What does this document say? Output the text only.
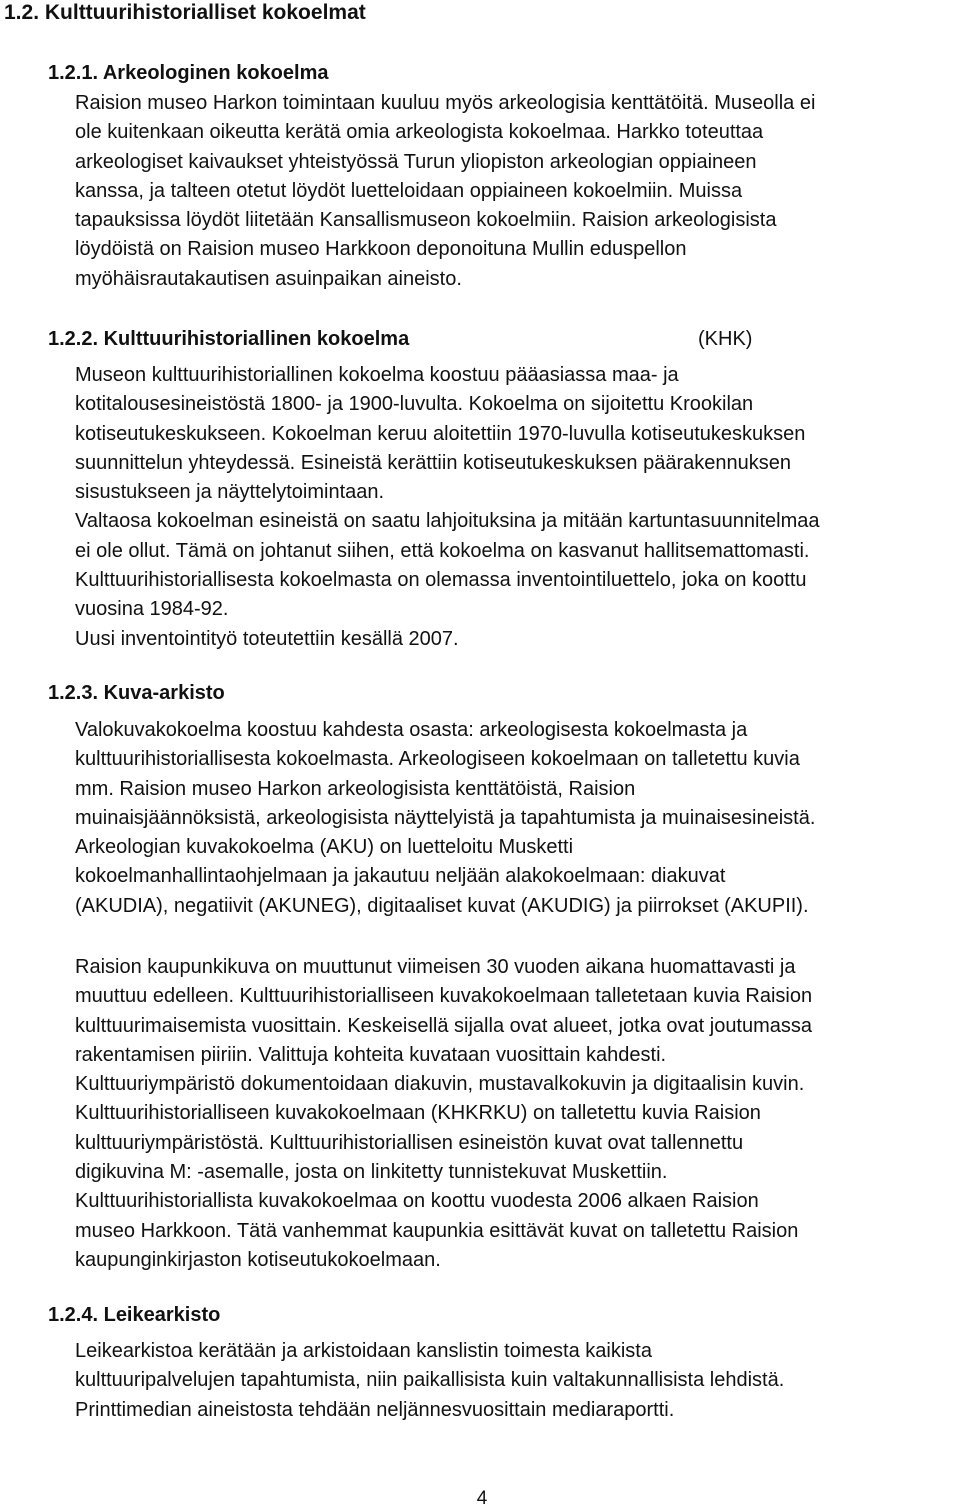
1.2. Kulttuurihistorialliset kokoelmat
1.2.1. Arkeologinen kokoelma

Raision museo Harkon toimintaan kuuluu myös arkeologisia kenttätöitä. Museolla ei
ole kuitenkaan oikeutta kerätä omia arkeologista kokoelmaa. Harkko toteuttaa
arkeologiset kaivaukset yhteistyössä Turun yliopiston arkeologian oppiaineen
kanssa, ja talteen otetut löydöt luetteloidaan oppiaineen kokoelmiin. Muissa
tapauksissa löydöt liitetään Kansallismuseon kokoelmiin. Raision arkeologisista
löydöistä on Raision museo Harkkoon deponoituna Mullin eduspellon
myöhäisrautakautisen asuinpaikan aineisto.

1.2.2. Kulttuurihistoriallinen kokoelma	(KHK)

Museon kulttuurihistoriallinen kokoelma koostuu pääasiassa maa- ja
kotitalousesineistöstä 1800- ja 1900-luvulta. Kokoelma on sijoitettu Krookilan
kotiseutukeskukseen. Kokoelman keruu aloitettiin 1970-luvulla kotiseutukeskuksen
suunnittelun yhteydessä. Esineistä kerättiin kotiseutukeskuksen päärakennuksen
sisustukseen ja näyttelytoimintaan.
Valtaosa kokoelman esineistä on saatu lahjoituksina ja mitään kartuntasuunnitelmaa
ei ole ollut. Tämä on johtanut siihen, että kokoelma on kasvanut hallitsemattomasti.
Kulttuurihistoriallisesta kokoelmasta on olemassa inventointiluettelo, joka on koottu
vuosina 1984-92.
Uusi inventointityö toteutettiin kesällä 2007.

1.2.3. Kuva-arkisto

Valokuvakokoelma koostuu kahdesta osasta: arkeologisesta kokoelmasta ja
kulttuurihistoriallisesta kokoelmasta. Arkeologiseen kokoelmaan on talletettu kuvia
mm. Raision museo Harkon arkeologisista kenttätöistä, Raision
muinaisjäännöksistä, arkeologisista näyttelyistä ja tapahtumista ja muinaisesineistä.
Arkeologian kuvakokoelma (AKU) on luetteloitu Musketti
kokoelmanhallintaohjelmaan ja jakautuu neljään alakokoelmaan: diakuvat
(AKUDIA), negatiivit (AKUNEG), digitaaliset kuvat (AKUDIG) ja piirrokset (AKUPII).

Raision kaupunkikuva on muuttunut viimeisen 30 vuoden aikana huomattavasti ja
muuttuu edelleen. Kulttuurihistorialliseen kuvakokoelmaan talletetaan kuvia Raision
kulttuurimaisemista vuosittain. Keskeisellä sijalla ovat alueet, jotka ovat joutumassa
rakentamisen piiriin. Valittuja kohteita kuvataan vuosittain kahdesti.
Kulttuuriympäristö dokumentoidaan diakuvin, mustavalkokuvin ja digitaalisin kuvin.
Kulttuurihistorialliseen kuvakokoelmaan (KHKRKU) on talletettu kuvia Raision
kulttuuriympäristöstä. Kulttuurihistoriallisen esineistön kuvat ovat tallennettu
digikuvina M: -asemalle, josta on linkitetty tunnistekuvat Muskettiin.
Kulttuurihistoriallista kuvakokoelmaa on koottu vuodesta 2006 alkaen Raision
museo Harkkoon. Tätä vanhemmat kaupunkia esittävät kuvat on talletettu Raision
kaupunginkirjaston kotiseutukokoelmaan.

1.2.4. Leikearkisto

Leikearkistoa kerätään ja arkistoidaan kanslistin toimesta kaikista
kulttuuripalvelujen tapahtumista, niin paikallisista kuin valtakunnallisista lehdistä.
Printtimedian aineistosta tehdään neljännesvuosittain mediaraportti.

4
